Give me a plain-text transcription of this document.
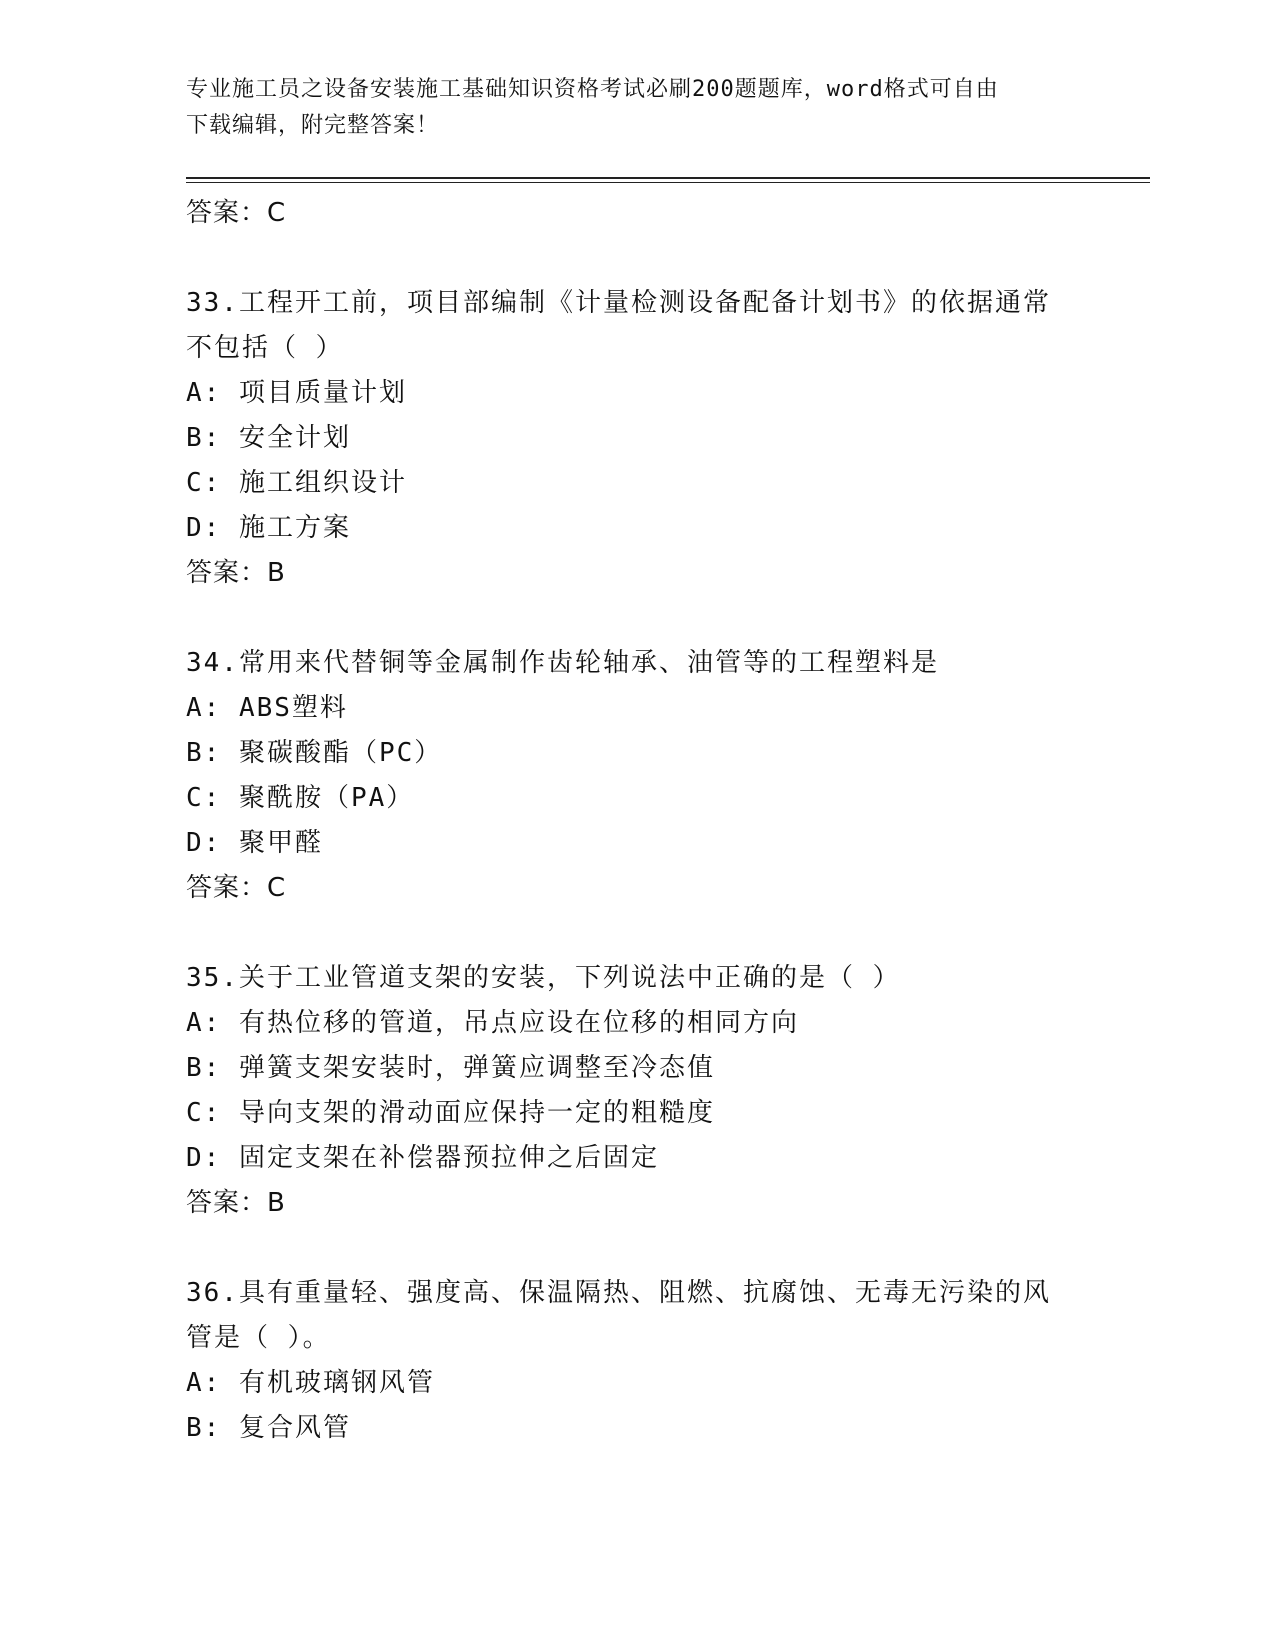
专业施工员之设备安装施工基础知识资格考试必刷200题题库，word格式可自由
下载编辑，附完整答案！
答案：C
33.工程开工前，项目部编制《计量检测设备配备计划书》的依据通常
不包括（ ）
A: 项目质量计划
B: 安全计划
C: 施工组织设计
D: 施工方案
答案：B
34.常用来代替铜等金属制作齿轮轴承、油管等的工程塑料是
A: ABS塑料
B: 聚碳酸酯（PC）
C: 聚酰胺（PA）
D: 聚甲醛
答案：C
35.关于工业管道支架的安装，下列说法中正确的是（ ）
A: 有热位移的管道，吊点应设在位移的相同方向
B: 弹簧支架安装时，弹簧应调整至冷态值
C: 导向支架的滑动面应保持一定的粗糙度
D: 固定支架在补偿器预拉伸之后固定
答案：B
36.具有重量轻、强度高、保温隔热、阻燃、抗腐蚀、无毒无污染的风
管是（ ）。
A: 有机玻璃钢风管
B: 复合风管
